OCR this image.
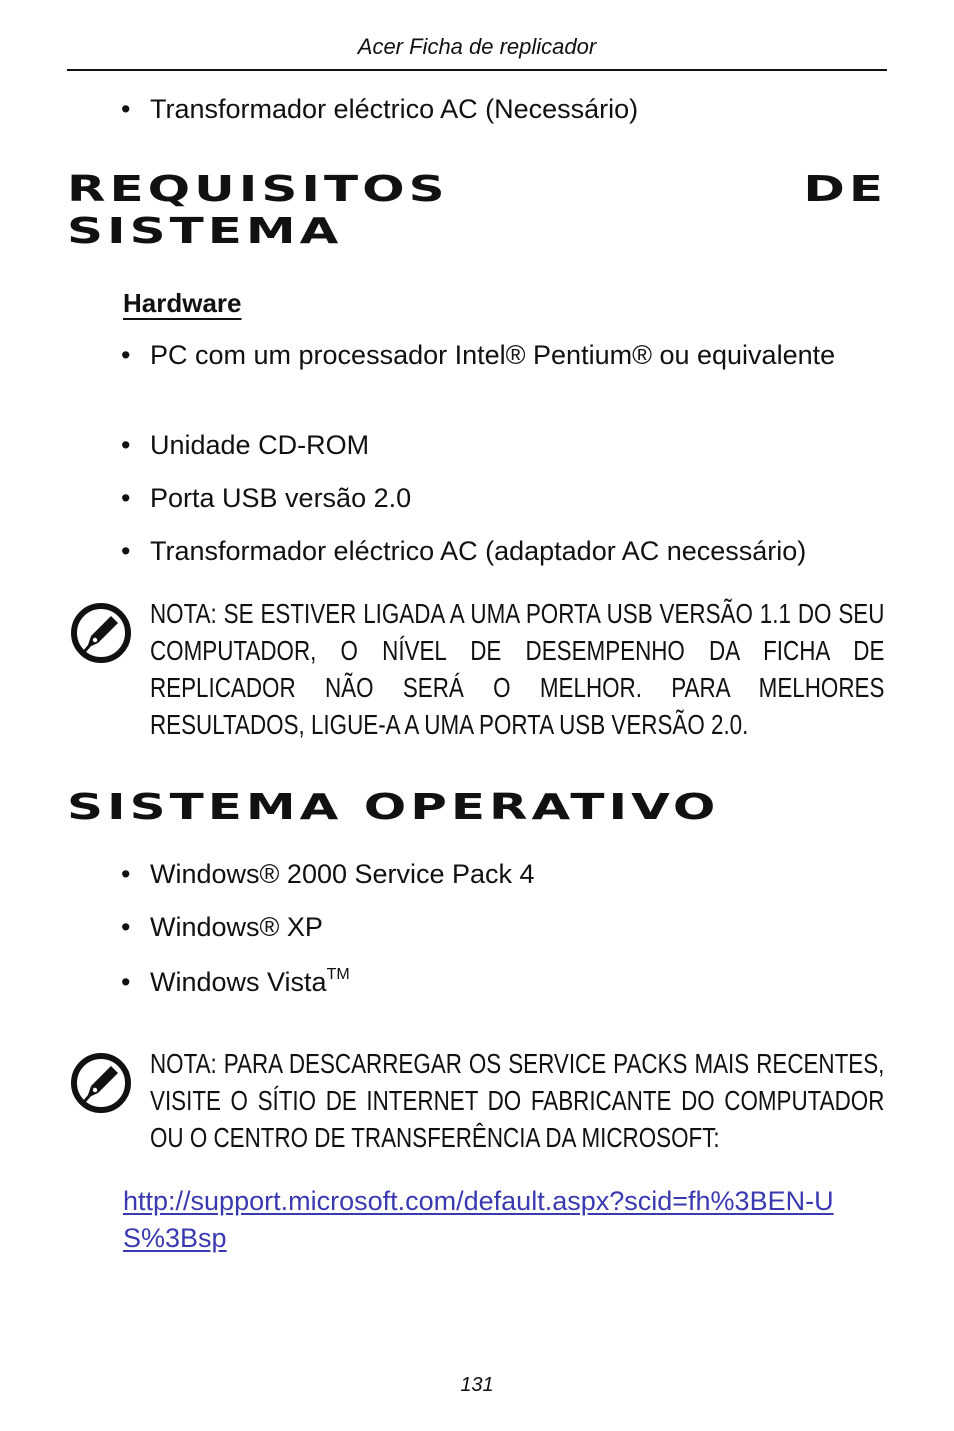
Acer Ficha de replicador
• Transformador eléctrico AC (Necessário)
REQUISITOS	DE
SISTEMA
Hardware
• PC com um processador Intel® Pentium® ou equivalente
• Unidade CD-ROM
• Porta USB versão 2.0
• Transformador eléctrico AC (adaptador AC necessário)
NOTA: SE ESTIVER LIGADA A UMA PORTA USB VERSÃO 1.1 DO SEU COMPUTADOR, O NÍVEL DE DESEMPENHO DA FICHA DE REPLICADOR NÃO SERÁ O MELHOR. PARA MELHORES RESULTADOS, LIGUE-A A UMA PORTA USB VERSÃO 2.0.
SISTEMA OPERATIVO
• Windows® 2000 Service Pack 4
• Windows® XP
• Windows Vista™
NOTA: PARA DESCARREGAR OS SERVICE PACKS MAIS RECENTES, VISITE O SÍTIO DE INTERNET DO FABRICANTE DO COMPUTADOR OU O CENTRO DE TRANSFERÊNCIA DA MICROSOFT:
http://support.microsoft.com/default.aspx?scid=fh%3BEN-US%3Bsp
131
